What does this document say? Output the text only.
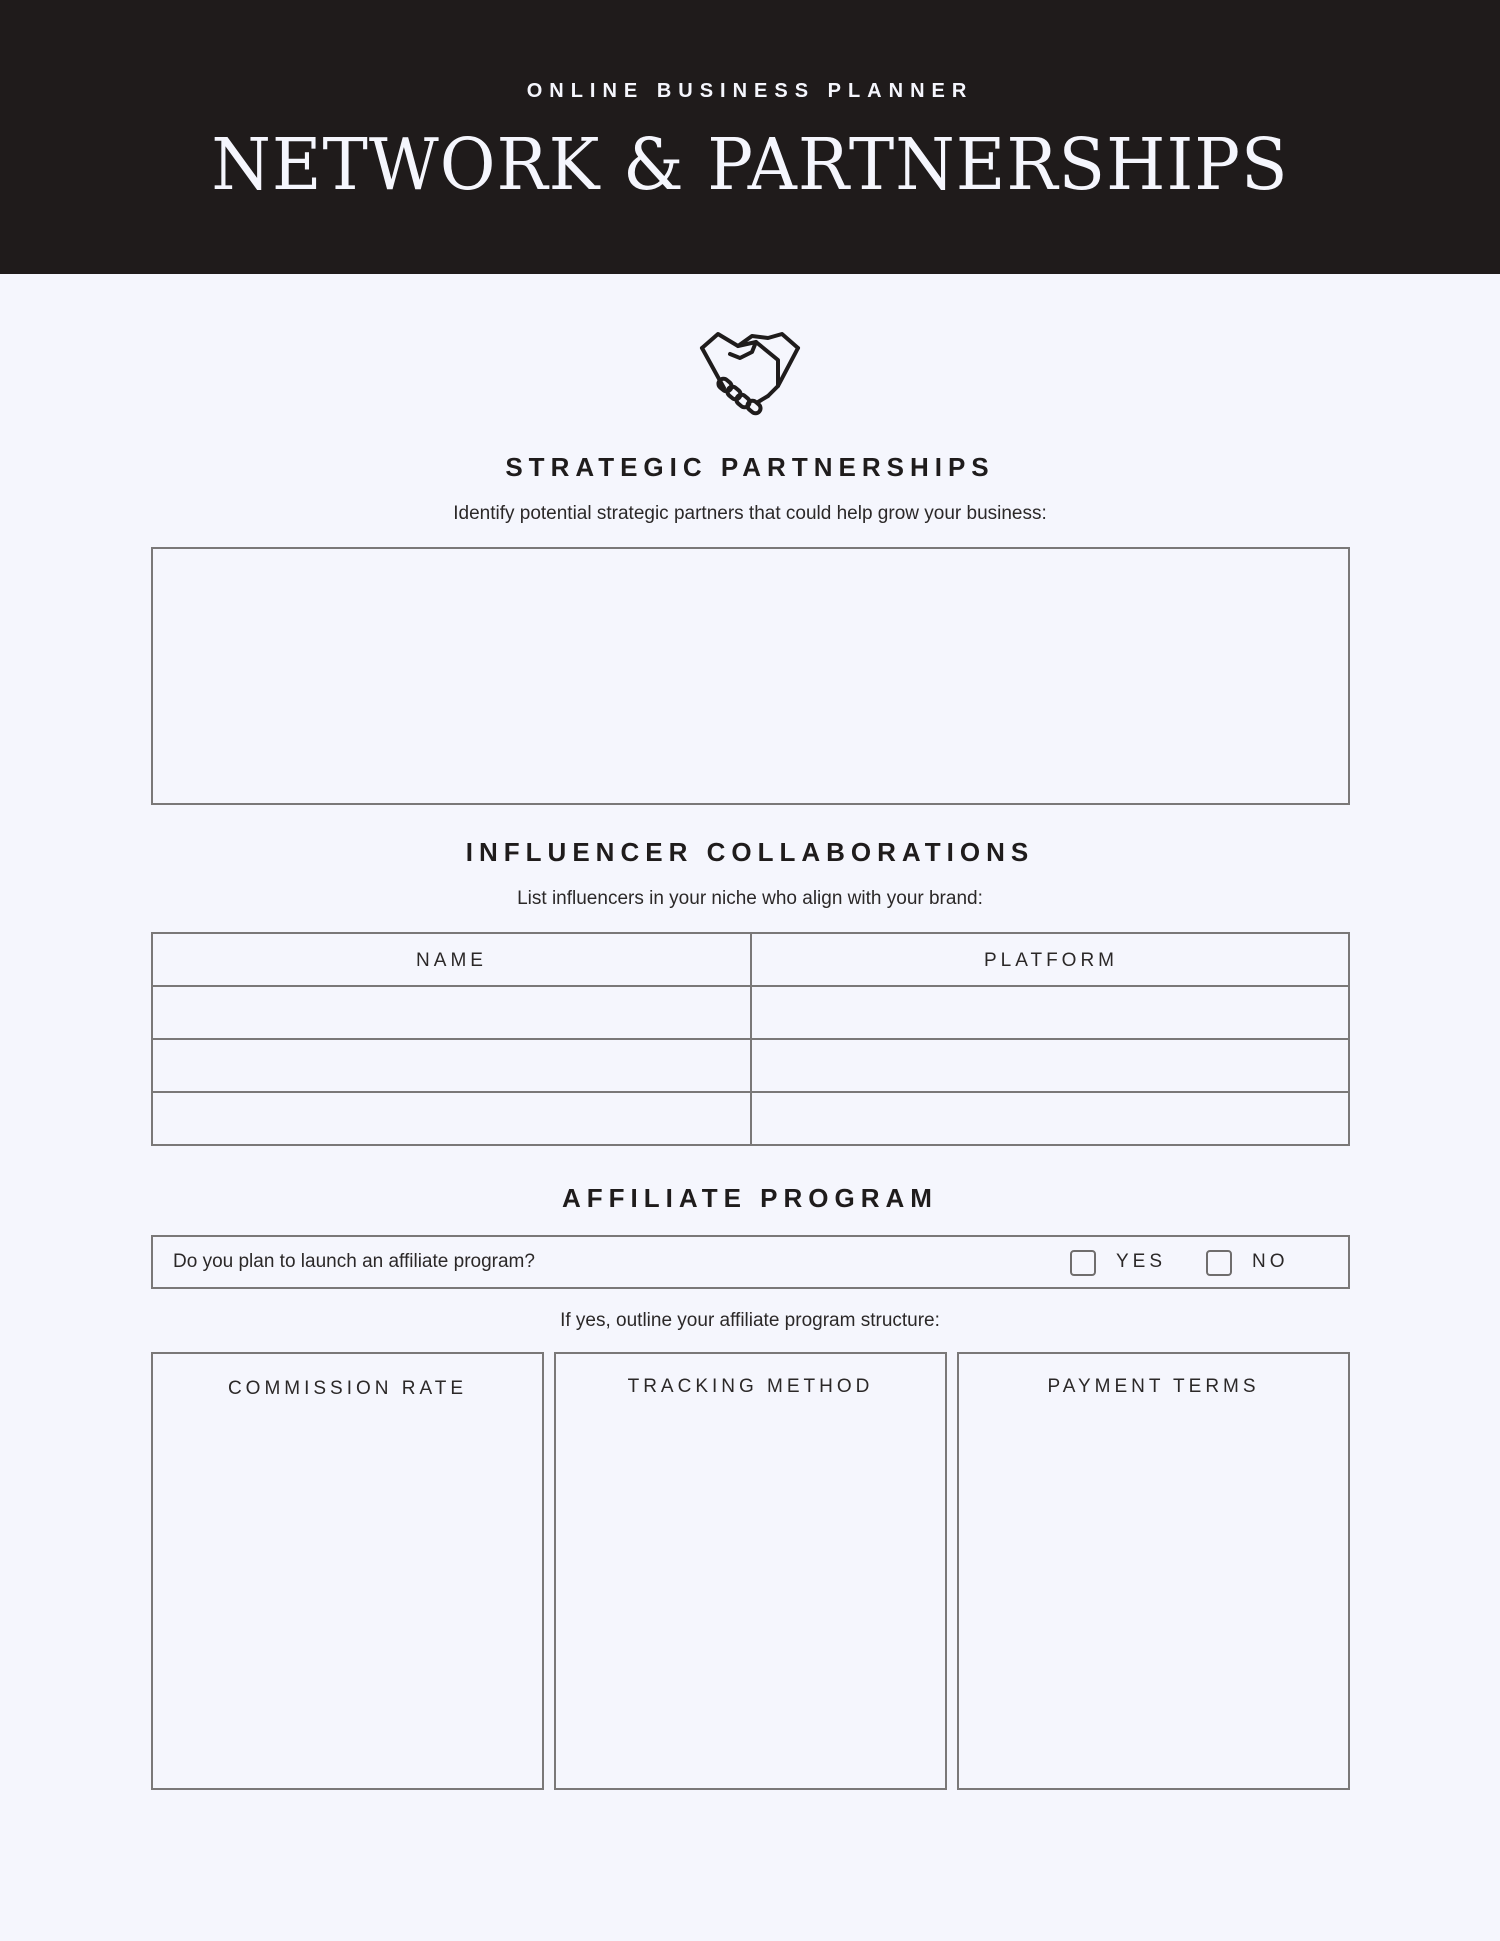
ONLINE BUSINESS PLANNER
NETWORK & PARTNERSHIPS
STRATEGIC PARTNERSHIPS
Identify potential strategic partners that could help grow your business:
INFLUENCER COLLABORATIONS
List influencers in your niche who align with your brand:
NAME	PLATFORM
AFFILIATE PROGRAM
Do you plan to launch an affiliate program?	YES	NO
If yes, outline your affiliate program structure:
COMMISSION RATE	TRACKING METHOD	PAYMENT TERMS
